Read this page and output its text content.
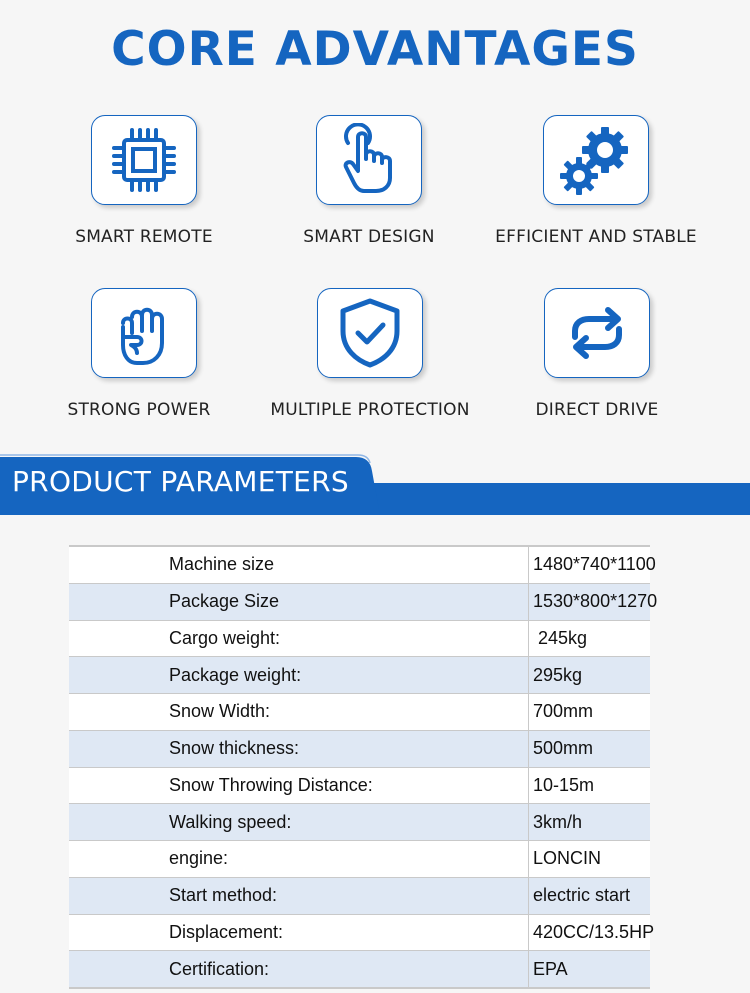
CORE ADVANTAGES
SMART REMOTE	SMART DESIGN	EFFICIENT AND STABLE
STRONG POWER	MULTIPLE PROTECTION	DIRECT DRIVE
PRODUCT PARAMETERS
Machine size	1480*740*1100
Package Size	1530*800*1270
Cargo weight:	245kg
Package weight:	295kg
Snow Width:	700mm
Snow thickness:	500mm
Snow Throwing Distance:	10-15m
Walking speed:	3km/h
engine:	LONCIN
Start method:	electric start
Displacement:	420CC/13.5HP
Certification:	EPA
